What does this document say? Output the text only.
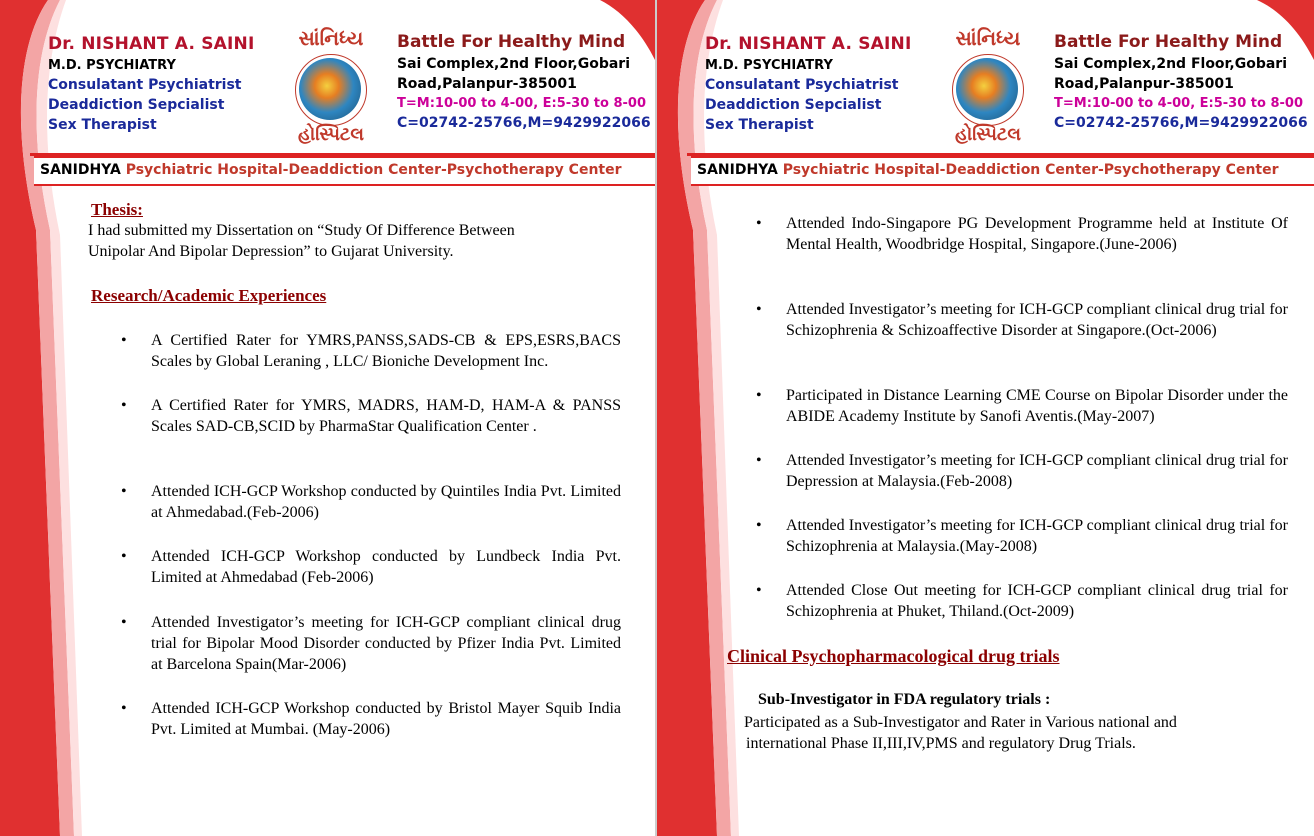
Dr. NISHANT A. SAINI
M.D. PSYCHIATRY
Consulatant Psychiatrist
Deaddiction Sepcialist
Sex Therapist
સાંનિધ્ય
હોસ્પિટલ
Battle For Healthy Mind
Sai Complex,2nd Floor,Gobari
Road,Palanpur-385001
T=M:10-00 to 4-00, E:5-30 to 8-00
C=02742-25766,M=9429922066
SANIDHYA Psychiatric Hospital-Deaddiction Center-Psychotherapy Center
Thesis:
I had submitted my Dissertation on “Study Of Difference Between
Unipolar And Bipolar Depression” to Gujarat University.
Research/Academic Experiences
• A Certified Rater for YMRS,PANSS,SADS-CB & EPS,ESRS,BACS Scales by Global Leraning , LLC/ Bioniche Development Inc.
• A Certified Rater for YMRS, MADRS, HAM-D, HAM-A & PANSS Scales SAD-CB,SCID by PharmaStar Qualification Center .
• Attended ICH-GCP Workshop conducted by Quintiles India Pvt. Limited at Ahmedabad.(Feb-2006)
• Attended ICH-GCP Workshop conducted by Lundbeck India Pvt. Limited at Ahmedabad (Feb-2006)
• Attended Investigator’s meeting for ICH-GCP compliant clinical drug trial for Bipolar Mood Disorder conducted by Pfizer India Pvt. Limited at Barcelona Spain(Mar-2006)
• Attended ICH-GCP Workshop conducted by Bristol Mayer Squib India Pvt. Limited at Mumbai. (May-2006)
Dr. NISHANT A. SAINI
M.D. PSYCHIATRY
Consulatant Psychiatrist
Deaddiction Sepcialist
Sex Therapist
સાંનિધ્ય
હોસ્પિટલ
Battle For Healthy Mind
Sai Complex,2nd Floor,Gobari
Road,Palanpur-385001
T=M:10-00 to 4-00, E:5-30 to 8-00
C=02742-25766,M=9429922066
SANIDHYA Psychiatric Hospital-Deaddiction Center-Psychotherapy Center
• Attended Indo-Singapore PG Development Programme held at Institute Of Mental Health, Woodbridge Hospital, Singapore.(June-2006)
• Attended Investigator’s meeting for ICH-GCP compliant clinical drug trial for Schizophrenia & Schizoaffective Disorder at Singapore.(Oct-2006)
• Participated in Distance Learning CME Course on Bipolar Disorder under the ABIDE Academy Institute by Sanofi Aventis.(May-2007)
• Attended Investigator’s meeting for ICH-GCP compliant clinical drug trial for Depression at Malaysia.(Feb-2008)
• Attended Investigator’s meeting for ICH-GCP compliant clinical drug trial for Schizophrenia at Malaysia.(May-2008)
• Attended Close Out meeting for ICH-GCP compliant clinical drug trial for Schizophrenia at Phuket, Thiland.(Oct-2009)
Clinical Psychopharmacological drug trials
Sub-Investigator in FDA regulatory trials :
Participated as a Sub-Investigator and Rater in Various national and
international Phase II,III,IV,PMS and regulatory Drug Trials.
